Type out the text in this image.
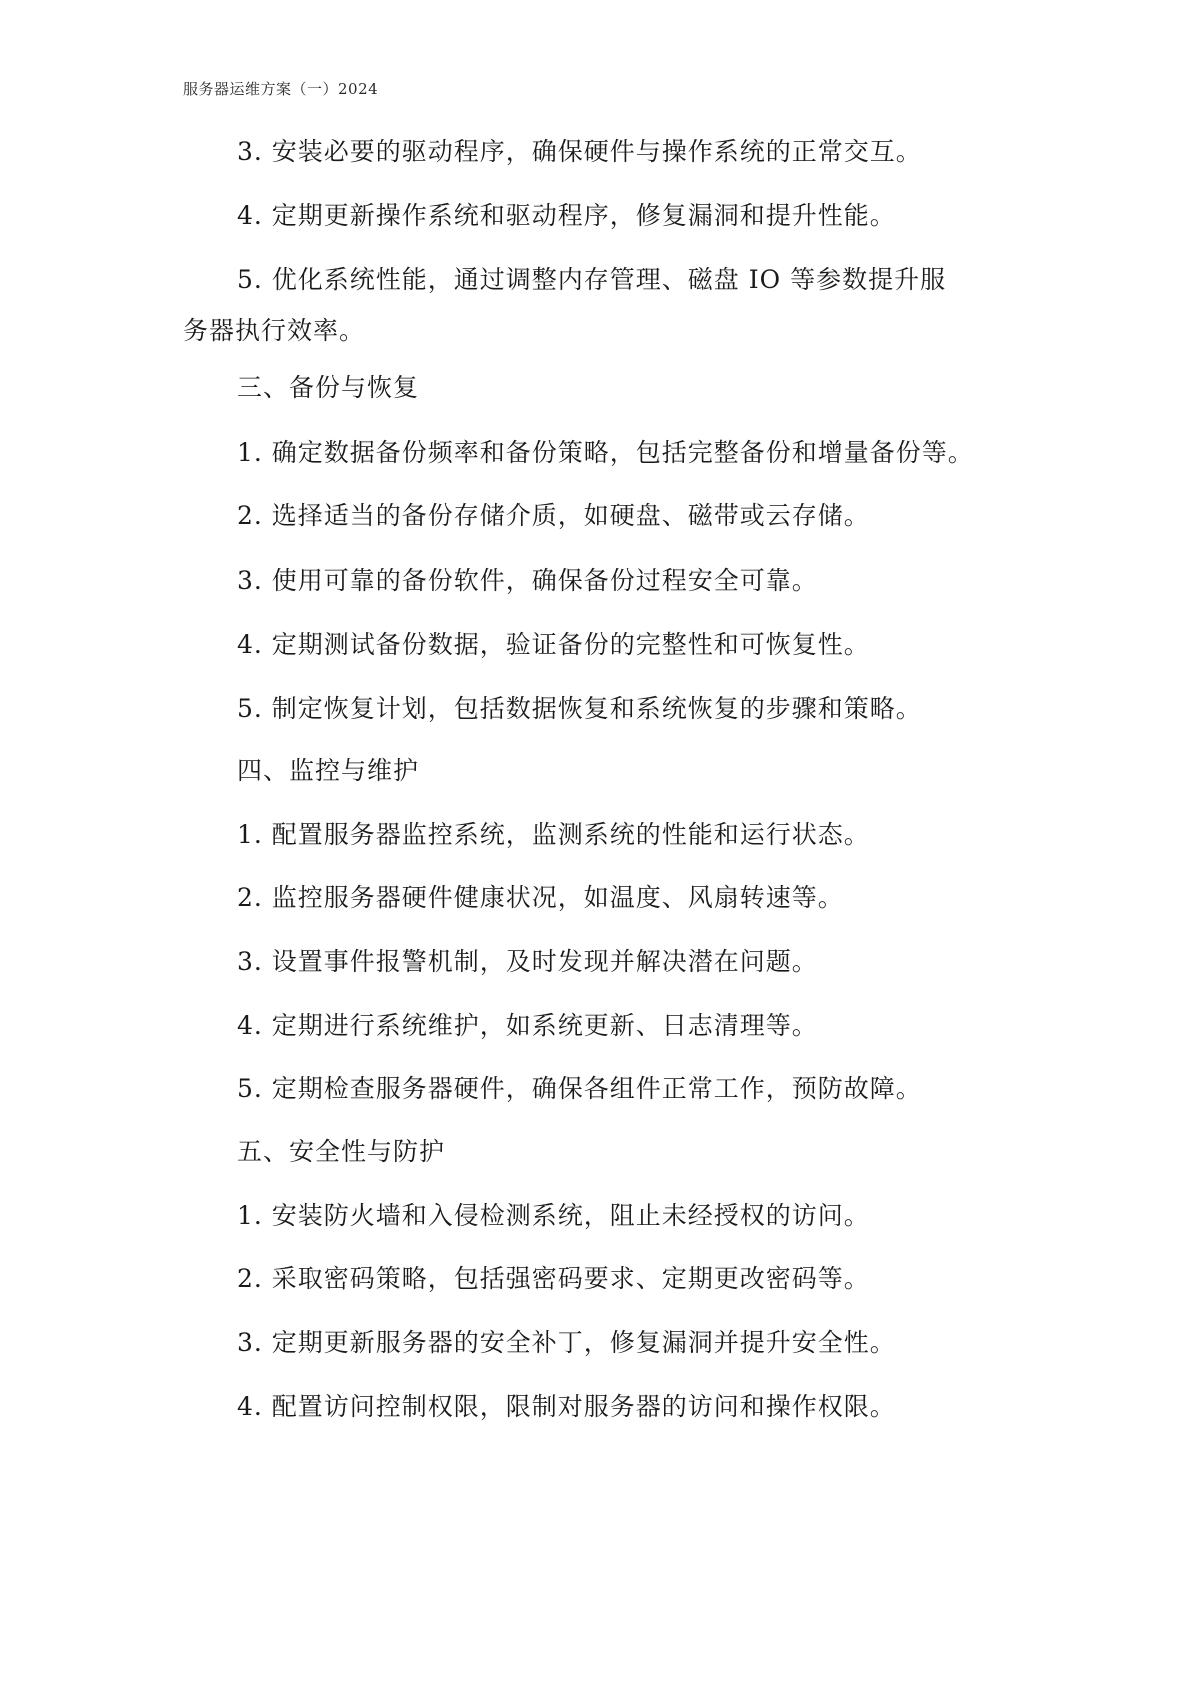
服务器运维方案（一）2024
3. 安装必要的驱动程序，确保硬件与操作系统的正常交互。
4. 定期更新操作系统和驱动程序，修复漏洞和提升性能。
5. 优化系统性能，通过调整内存管理、磁盘 IO 等参数提升服
务器执行效率。
三、备份与恢复
1. 确定数据备份频率和备份策略，包括完整备份和增量备份等。
2. 选择适当的备份存储介质，如硬盘、磁带或云存储。
3. 使用可靠的备份软件，确保备份过程安全可靠。
4. 定期测试备份数据，验证备份的完整性和可恢复性。
5. 制定恢复计划，包括数据恢复和系统恢复的步骤和策略。
四、监控与维护
1. 配置服务器监控系统，监测系统的性能和运行状态。
2. 监控服务器硬件健康状况，如温度、风扇转速等。
3. 设置事件报警机制，及时发现并解决潜在问题。
4. 定期进行系统维护，如系统更新、日志清理等。
5. 定期检查服务器硬件，确保各组件正常工作，预防故障。
五、安全性与防护
1. 安装防火墙和入侵检测系统，阻止未经授权的访问。
2. 采取密码策略，包括强密码要求、定期更改密码等。
3. 定期更新服务器的安全补丁，修复漏洞并提升安全性。
4. 配置访问控制权限，限制对服务器的访问和操作权限。
